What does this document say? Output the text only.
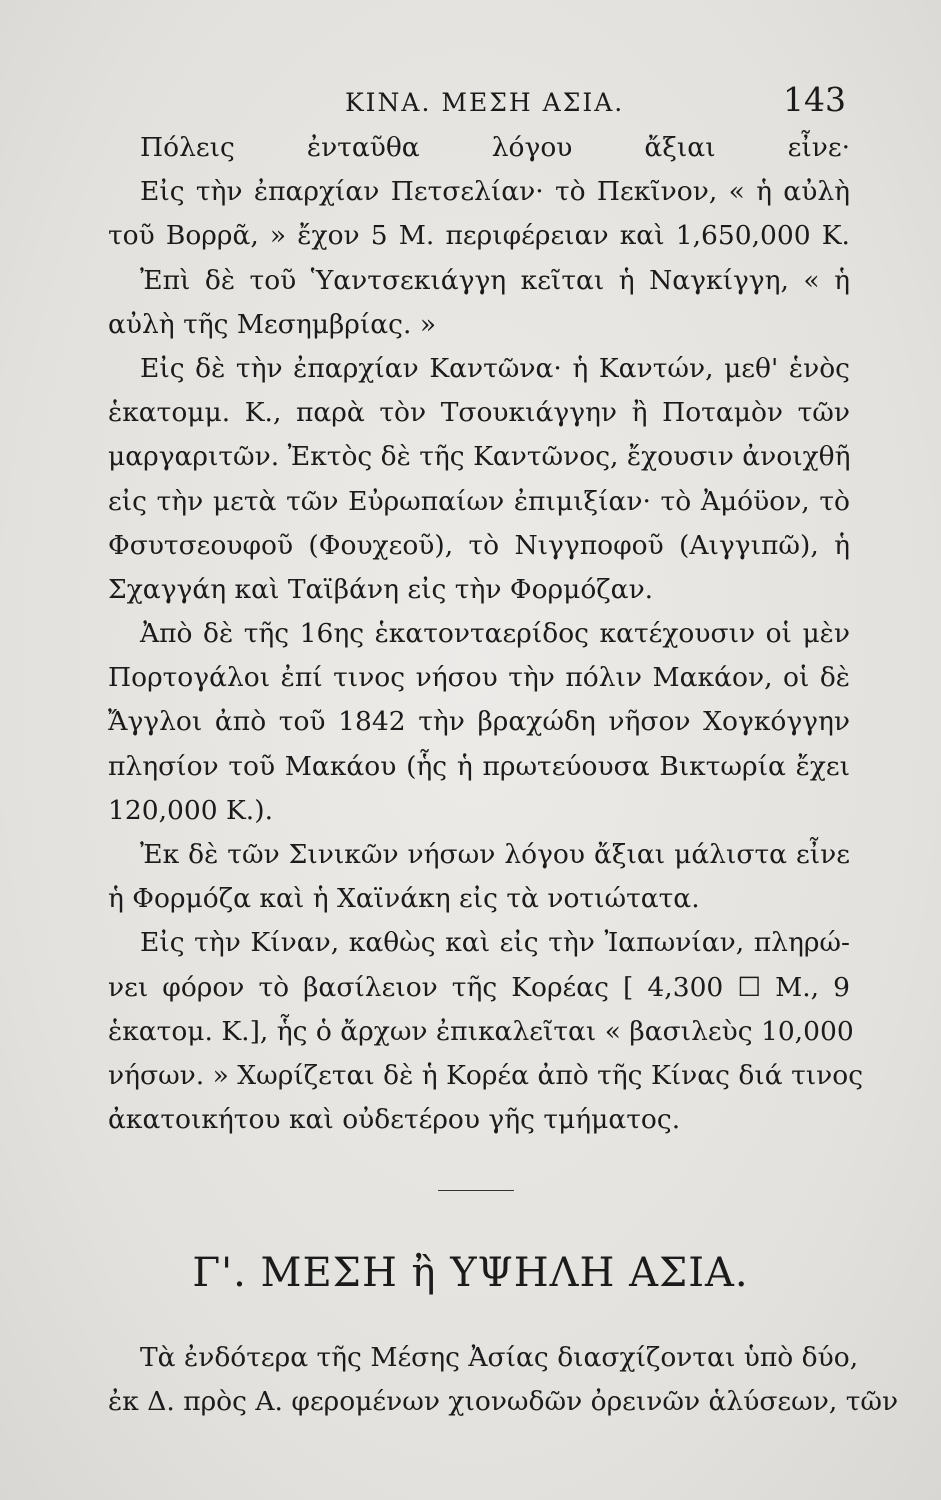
ΚΙΝΑ. ΜΕΣΗ ΑΣΙΑ.	143
Πόλεις ἐνταῦθα λόγου ἄξιαι εἶνε·
Εἰς τὴν ἐπαρχίαν Πετσελίαν· τὸ Πεκῖνον, « ἡ αὐλὴ
τοῦ Βορρᾶ, » ἔχον 5 Μ. περιφέρειαν καὶ 1,650,000 Κ.
Ἐπὶ δὲ τοῦ Ὑαντσεκιάγγη κεῖται ἡ Ναγκίγγη, « ἡ
αὐλὴ τῆς Μεσημβρίας. »
Εἰς δὲ τὴν ἐπαρχίαν Καντῶνα· ἡ Καντών, μεθ' ἑνὸς
ἑκατομμ. Κ., παρὰ τὸν Τσουκιάγγην ἢ Ποταμὸν τῶν
μαργαριτῶν. Ἐκτὸς δὲ τῆς Καντῶνος, ἔχουσιν ἀνοιχθῆ
εἰς τὴν μετὰ τῶν Εὐρωπαίων ἐπιμιξίαν· τὸ Ἀμόϋον, τὸ
Φσυτσεουφοῦ (Φουχεοῦ), τὸ Νιγγποφοῦ (Αιγγιπῶ), ἡ
Σχαγγάη καὶ Ταϊβάνη εἰς τὴν Φορμόζαν.
Ἀπὸ δὲ τῆς 16ης ἑκατονταερίδος κατέχουσιν οἱ μὲν
Πορτογάλοι ἐπί τινος νήσου τὴν πόλιν Μακάον, οἱ δὲ
Ἄγγλοι ἀπὸ τοῦ 1842 τὴν βραχώδη νῆσον Χογκόγγην
πλησίον τοῦ Μακάου (ἧς ἡ πρωτεύουσα Βικτωρία ἔχει
120,000 Κ.).
Ἐκ δὲ τῶν Σινικῶν νήσων λόγου ἄξιαι μάλιστα εἶνε
ἡ Φορμόζα καὶ ἡ Χαϊνάκη εἰς τὰ νοτιώτατα.
Εἰς τὴν Κίναν, καθὼς καὶ εἰς τὴν Ἰαπωνίαν, πληρώ-
νει φόρον τὸ βασίλειον τῆς Κορέας [ 4,300 ☐ Μ., 9
ἑκατομ. Κ.], ἧς ὁ ἄρχων ἐπικαλεῖται « βασιλεὺς 10,000
νήσων. » Χωρίζεται δὲ ἡ Κορέα ἀπὸ τῆς Κίνας διά τινος
ἀκατοικήτου καὶ οὐδετέρου γῆς τμήματος.
Γ'. ΜΕΣΗ ἢ ΥΨΗΛΗ ΑΣΙΑ.
Τὰ ἐνδότερα τῆς Μέσης Ἀσίας διασχίζονται ὑπὸ δύο,
ἐκ Δ. πρὸς Α. φερομένων χιονωδῶν ὀρεινῶν ἁλύσεων, τῶν
